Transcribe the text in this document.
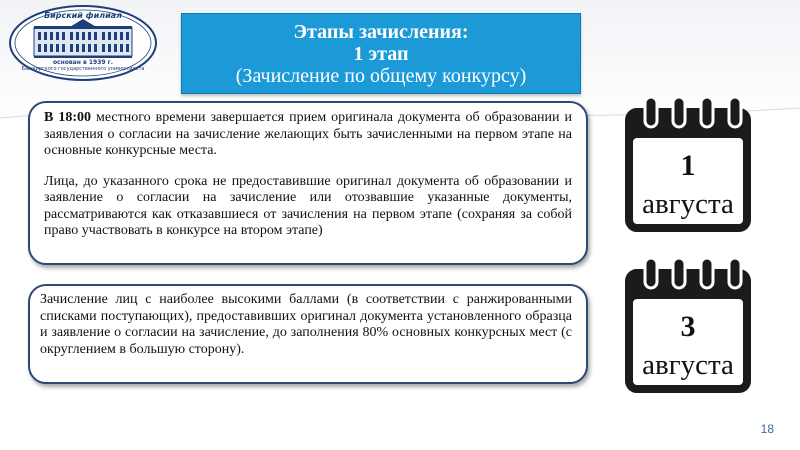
Бирский филиал
основан в 1939 г.
Башкирского государственного университета
Этапы зачисления:
1 этап
(Зачисление по общему конкурсу)

В 18:00 местного времени завершается прием оригинала документа об образовании и заявления о согласии на зачисление желающих быть зачисленными на первом этапе на основные конкурсные места.

Лица, до указанного срока не предоставившие оригинал документа об образовании и заявление о согласии на зачисление или отозвавшие указанные документы, рассматриваются как отказавшиеся от зачисления на первом этапе (сохраняя за собой право участвовать в конкурсе на втором этапе)

Зачисление лиц с наиболее высокими баллами (в соответствии с ранжированными списками поступающих), предоставивших оригинал документа установленного образца и заявление о согласии на зачисление, до заполнения 80% основных конкурсных мест (с округлением в большую сторону).

1
августа
3
августа
18
